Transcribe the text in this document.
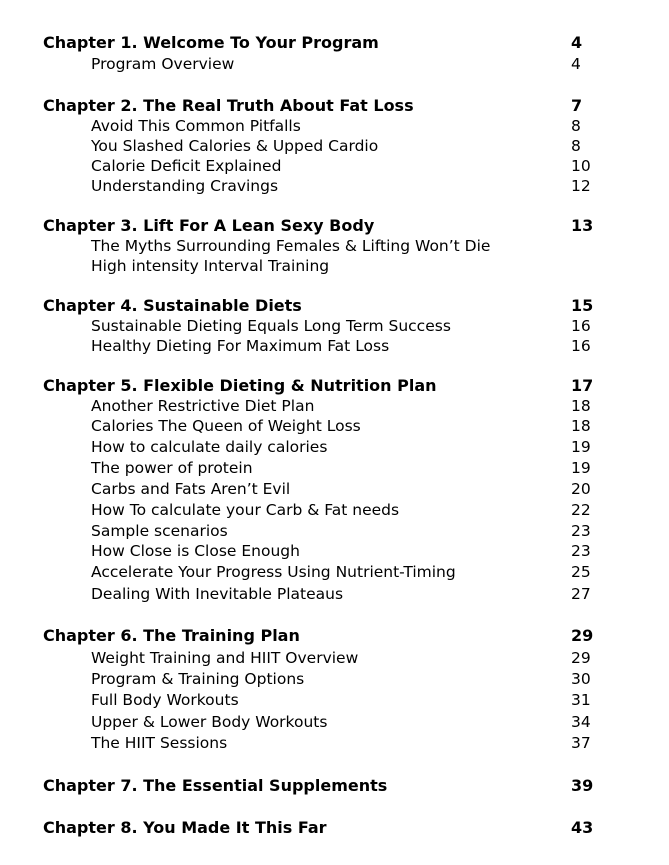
Chapter 1. Welcome To Your Program	4
Program Overview	4
Chapter 2. The Real Truth About Fat Loss	7
Avoid This Common Pitfalls	8
You Slashed Calories & Upped Cardio	8
Calorie Deficit Explained	10
Understanding Cravings	12
Chapter 3. Lift For A Lean Sexy Body	13
The Myths Surrounding Females & Lifting Won’t Die
High intensity Interval Training
Chapter 4. Sustainable Diets	15
Sustainable Dieting Equals Long Term Success	16
Healthy Dieting For Maximum Fat Loss	16
Chapter 5. Flexible Dieting & Nutrition Plan	17
Another Restrictive Diet Plan	18
Calories The Queen of Weight Loss	18
How to calculate daily calories	19
The power of protein	19
Carbs and Fats Aren’t Evil	20
How To calculate your Carb & Fat needs	22
Sample scenarios	23
How Close is Close Enough	23
Accelerate Your Progress Using Nutrient-Timing	25
Dealing With Inevitable Plateaus	27
Chapter 6. The Training Plan	29
Weight Training and HIIT Overview	29
Program & Training Options	30
Full Body Workouts	31
Upper & Lower Body Workouts	34
The HIIT Sessions	37
Chapter 7. The Essential Supplements	39
Chapter 8. You Made It This Far	43
